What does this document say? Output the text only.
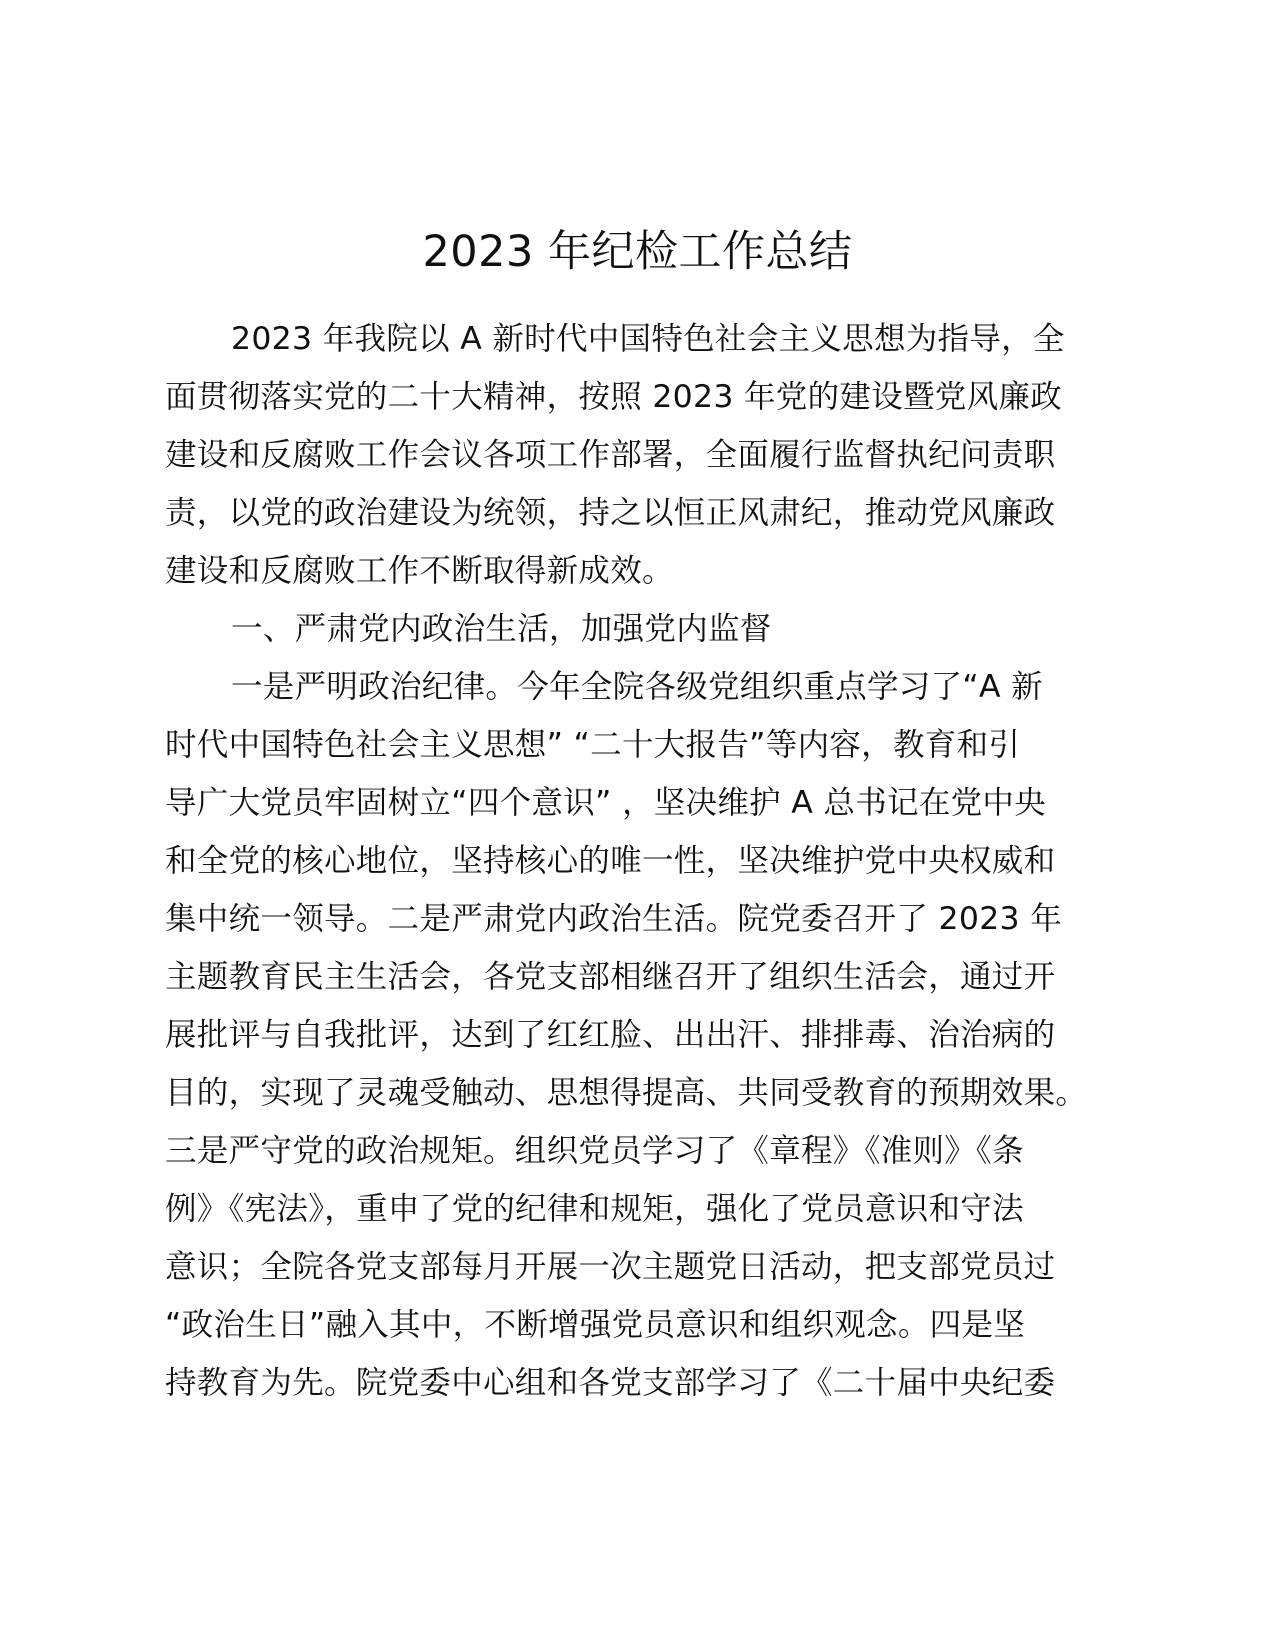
2023 年纪检工作总结
2023 年我院以 A 新时代中国特色社会主义思想为指导，全
面贯彻落实党的二十大精神，按照 2023 年党的建设暨党风廉政
建设和反腐败工作会议各项工作部署，全面履行监督执纪问责职
责，以党的政治建设为统领，持之以恒正风肃纪，推动党风廉政
建设和反腐败工作不断取得新成效。
一、严肃党内政治生活，加强党内监督
一是严明政治纪律。今年全院各级党组织重点学习了“A 新
时代中国特色社会主义思想” “二十大报告”等内容，教育和引
导广大党员牢固树立“四个意识” ，坚决维护 A 总书记在党中央
和全党的核心地位，坚持核心的唯一性，坚决维护党中央权威和
集中统一领导。二是严肃党内政治生活。院党委召开了 2023 年
主题教育民主生活会，各党支部相继召开了组织生活会，通过开
展批评与自我批评，达到了红红脸、出出汗、排排毒、治治病的
目的，实现了灵魂受触动、思想得提高、共同受教育的预期效果。
三是严守党的政治规矩。组织党员学习了《章程》《准则》《条
例》《宪法》，重申了党的纪律和规矩，强化了党员意识和守法
意识；全院各党支部每月开展一次主题党日活动，把支部党员过
“政治生日”融入其中，不断增强党员意识和组织观念。四是坚
持教育为先。院党委中心组和各党支部学习了《二十届中央纪委
